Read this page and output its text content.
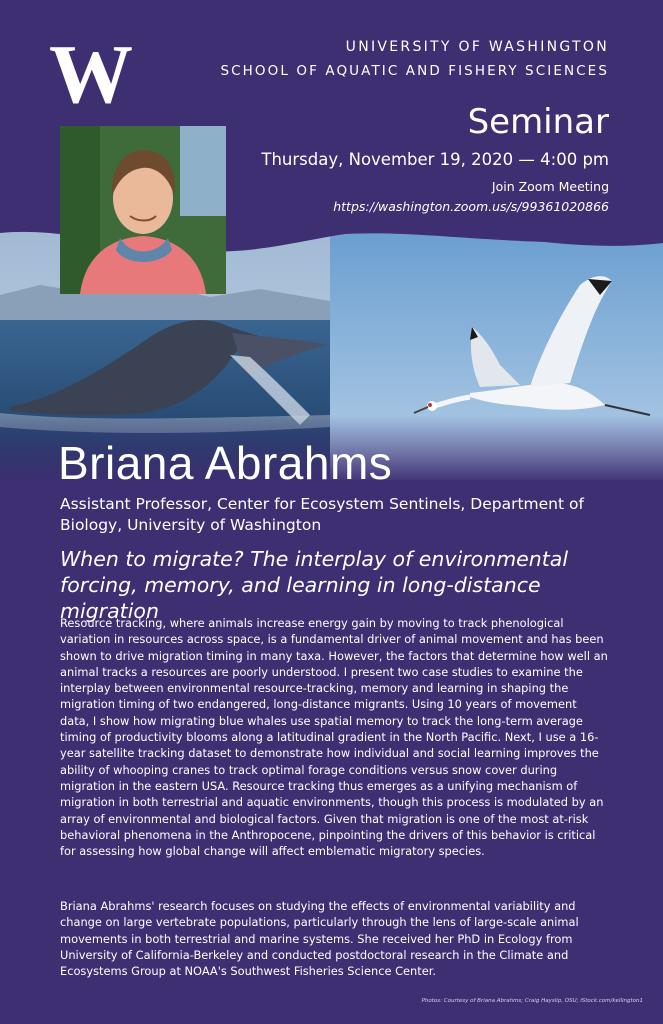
W	UNIVERSITY OF WASHINGTON
SCHOOL OF AQUATIC AND FISHERY SCIENCES
Seminar
Thursday, November 19, 2020 — 4:00 pm
Join Zoom Meeting
https://washington.zoom.us/s/99361020866
Briana Abrahms
Assistant Professor, Center for Ecosystem Sentinels, Department of Biology, University of Washington
When to migrate? The interplay of environmental forcing, memory, and learning in long-distance migration
Resource tracking, where animals increase energy gain by moving to track phenological variation in resources across space, is a fundamental driver of animal movement and has been shown to drive migration timing in many taxa. However, the factors that determine how well an animal tracks a resources are poorly understood. I present two case studies to examine the interplay between environmental resource-tracking, memory and learning in shaping the migration timing of two endangered, long-distance migrants. Using 10 years of movement data, I show how migrating blue whales use spatial memory to track the long-term average timing of productivity blooms along a latitudinal gradient in the North Pacific. Next, I use a 16-year satellite tracking dataset to demonstrate how individual and social learning improves the ability of whooping cranes to track optimal forage conditions versus snow cover during migration in the eastern USA. Resource tracking thus emerges as a unifying mechanism of migration in both terrestrial and aquatic environments, though this process is modulated by an array of environmental and biological factors. Given that migration is one of the most at-risk behavioral phenomena in the Anthropocene, pinpointing the drivers of this behavior is critical for assessing how global change will affect emblematic migratory species.
Briana Abrahms' research focuses on studying the effects of environmental variability and change on large vertebrate populations, particularly through the lens of large-scale animal movements in both terrestrial and marine systems. She received her PhD in Ecology from University of California-Berkeley and conducted postdoctoral research in the Climate and Ecosystems Group at NOAA's Southwest Fisheries Science Center.
Photos: Courtesy of Briana Abrahms; Craig Hayslip, OSU; iStock.com/kellington1
